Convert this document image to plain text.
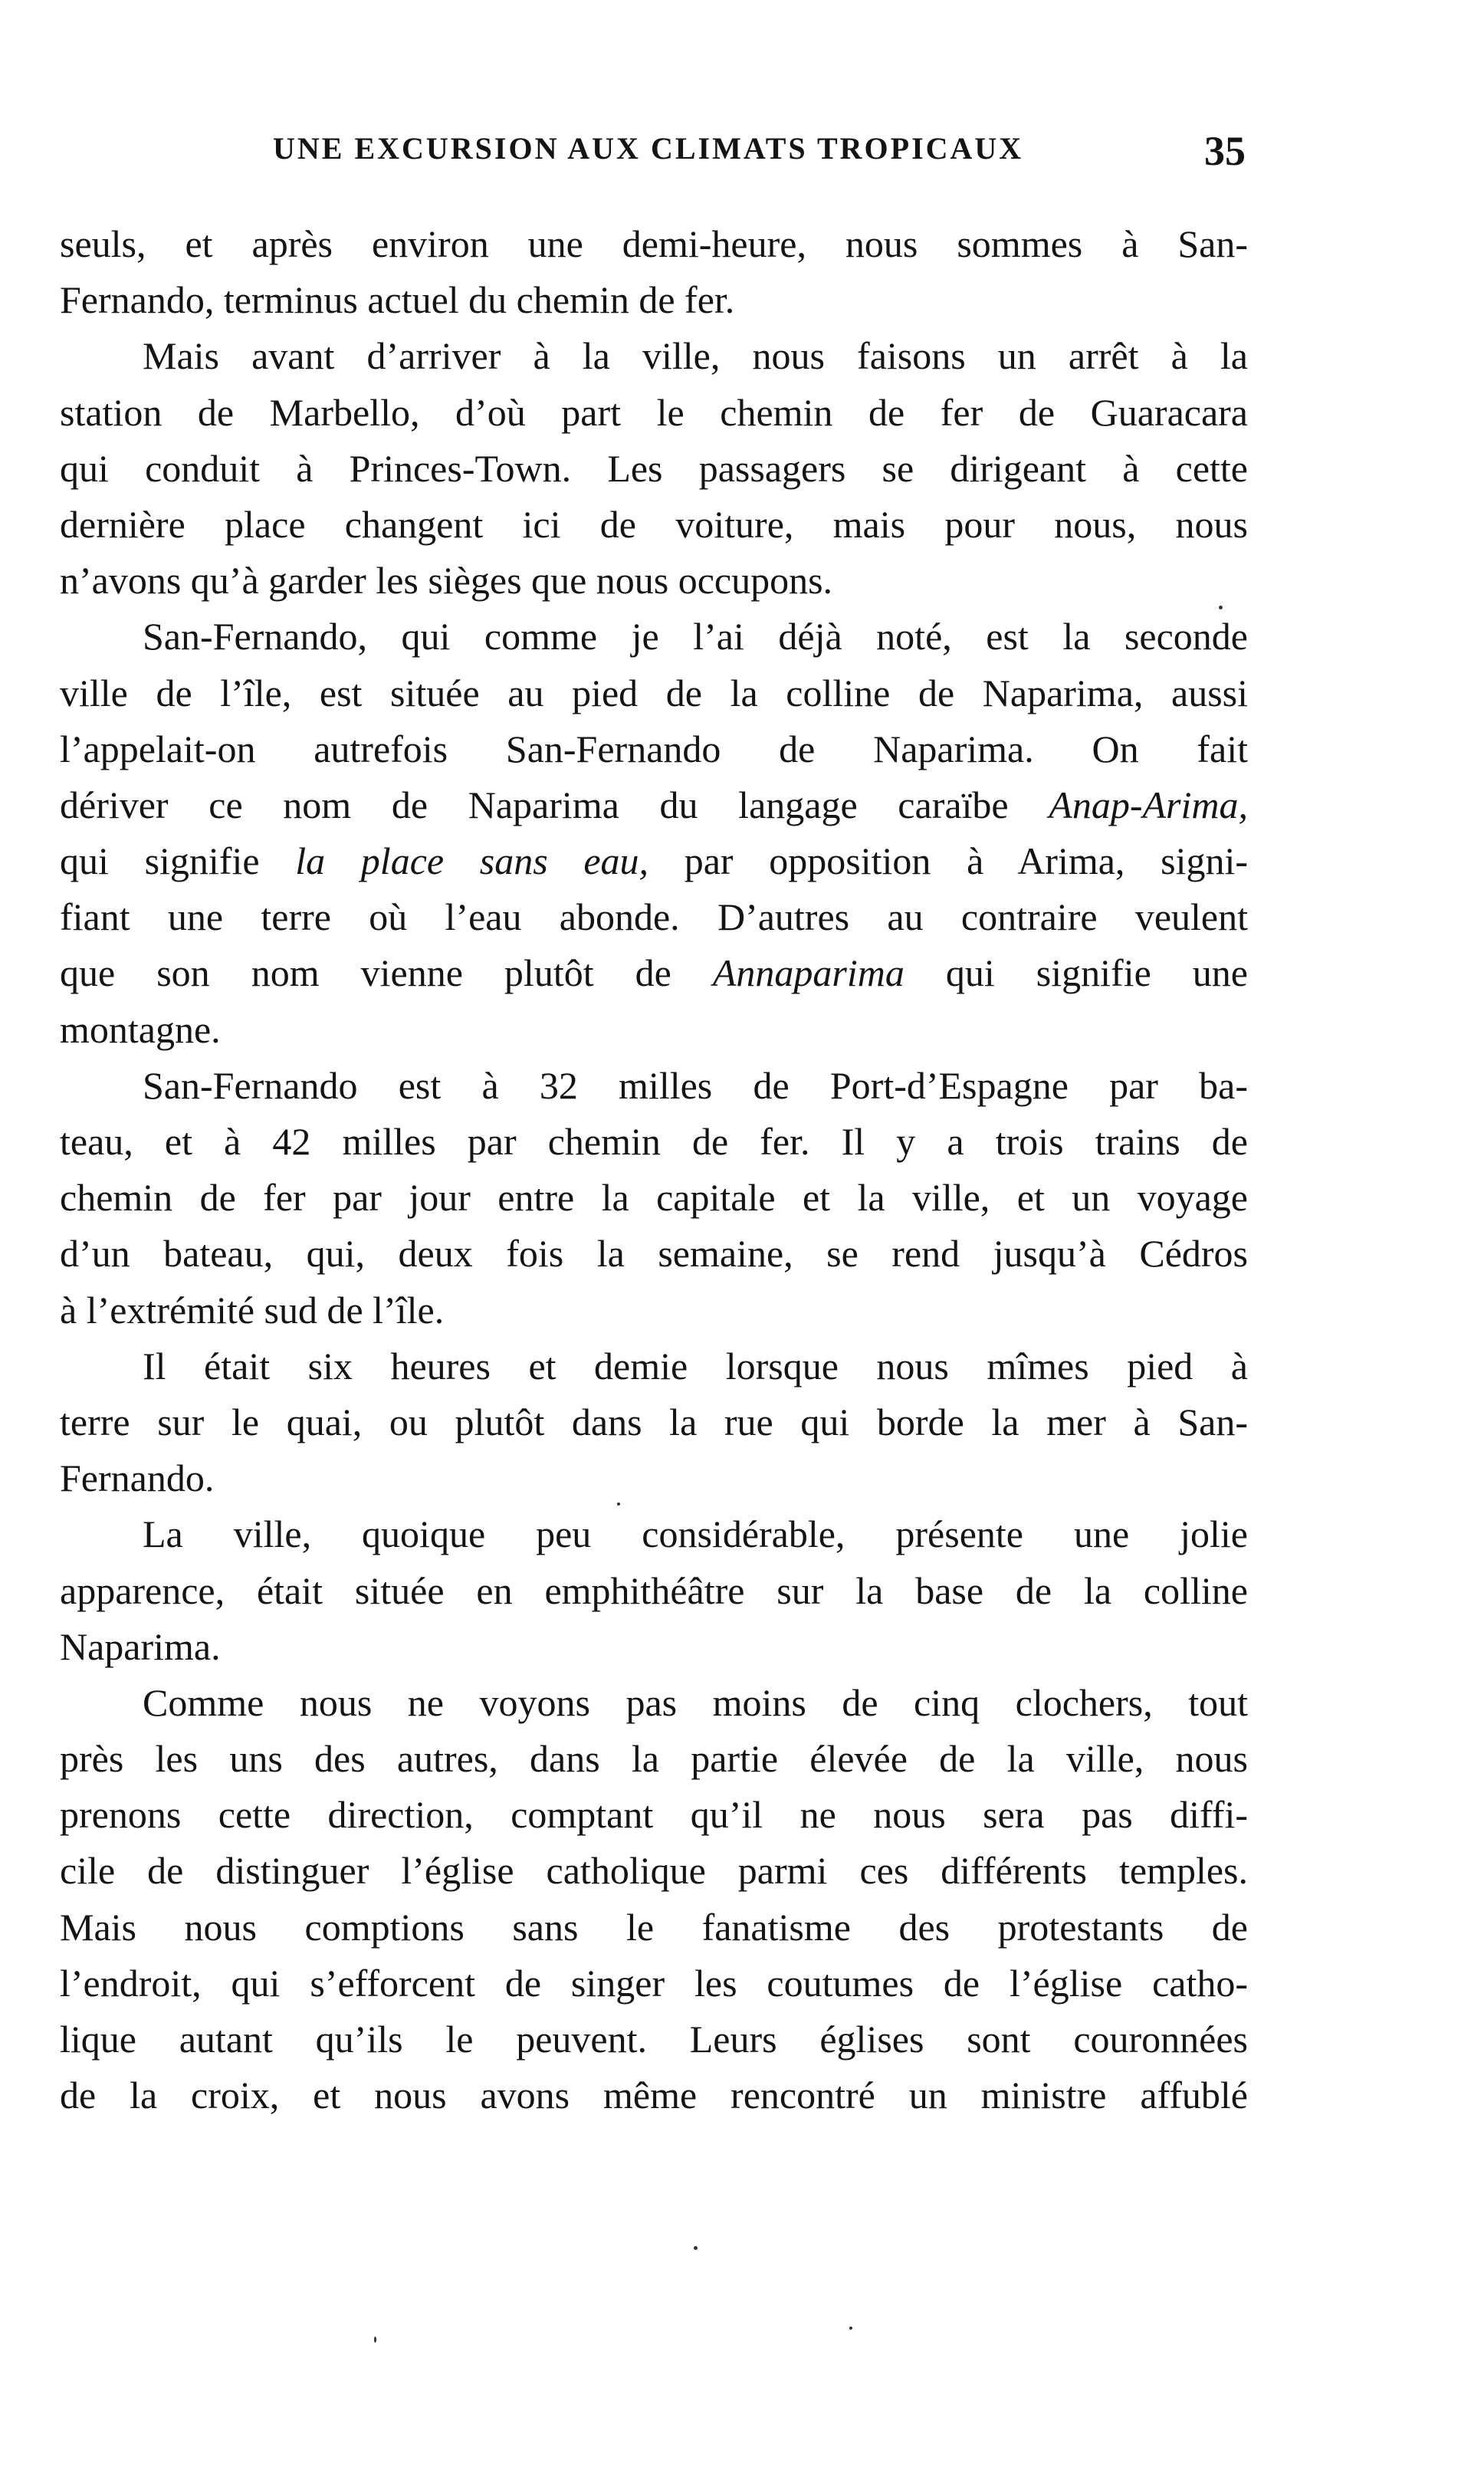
UNE EXCURSION AUX CLIMATS TROPICAUX	35
seuls, et après environ une demi-heure, nous sommes à San-
Fernando, terminus actuel du chemin de fer.
Mais avant d’arriver à la ville, nous faisons un arrêt à la
station de Marbello, d’où part le chemin de fer de Guaracara
qui conduit à Princes-Town. Les passagers se dirigeant à cette
dernière place changent ici de voiture, mais pour nous, nous
n’avons qu’à garder les sièges que nous occupons.
San-Fernando, qui comme je l’ai déjà noté, est la seconde
ville de l’île, est située au pied de la colline de Naparima, aussi
l’appelait-on autrefois San-Fernando de Naparima. On fait
dériver ce nom de Naparima du langage caraïbe Anap-Arima,
qui signifie la place sans eau, par opposition à Arima, signi-
fiant une terre où l’eau abonde. D’autres au contraire veulent
que son nom vienne plutôt de Annaparima qui signifie une
montagne.
San-Fernando est à 32 milles de Port-d’Espagne par ba-
teau, et à 42 milles par chemin de fer. Il y a trois trains de
chemin de fer par jour entre la capitale et la ville, et un voyage
d’un bateau, qui, deux fois la semaine, se rend jusqu’à Cédros
à l’extrémité sud de l’île.
Il était six heures et demie lorsque nous mîmes pied à
terre sur le quai, ou plutôt dans la rue qui borde la mer à San-
Fernando.
La ville, quoique peu considérable, présente une jolie
apparence, était située en emphithéâtre sur la base de la colline
Naparima.
Comme nous ne voyons pas moins de cinq clochers, tout
près les uns des autres, dans la partie élevée de la ville, nous
prenons cette direction, comptant qu’il ne nous sera pas diffi-
cile de distinguer l’église catholique parmi ces différents temples.
Mais nous comptions sans le fanatisme des protestants de
l’endroit, qui s’efforcent de singer les coutumes de l’église catho-
lique autant qu’ils le peuvent. Leurs églises sont couronnées
de la croix, et nous avons même rencontré un ministre affublé
